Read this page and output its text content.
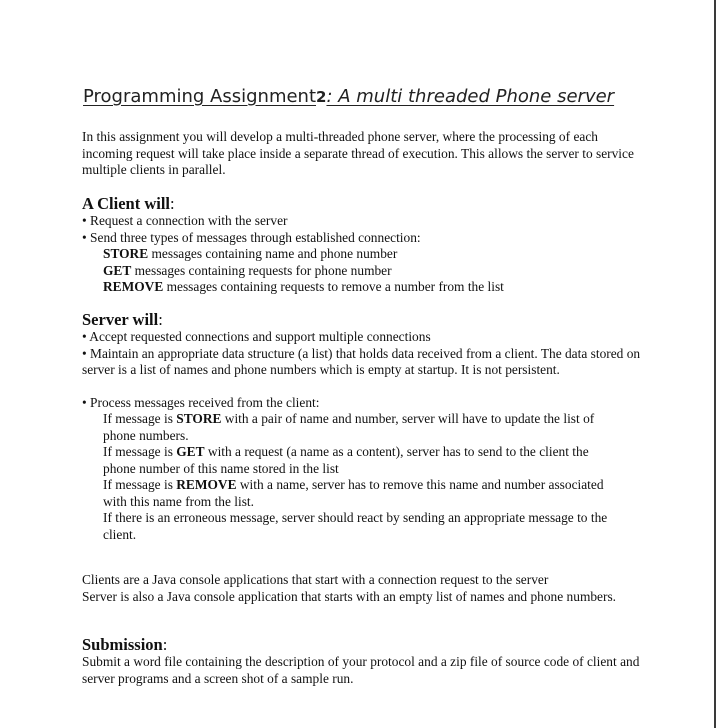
Programming Assignment2: A multi threaded Phone server
In this assignment you will develop a multi-threaded phone server, where the processing of each incoming request will take place inside a separate thread of execution. This allows the server to service multiple clients in parallel.
A Client will:
• Request a connection with the server
• Send three types of messages through established connection:
STORE messages containing name and phone number
GET messages containing requests for phone number
REMOVE messages containing requests to remove a number from the list
Server will:
• Accept requested connections and support multiple connections
• Maintain an appropriate data structure (a list) that holds data received from a client. The data stored on server is a list of names and phone numbers which is empty at startup. It is not persistent.
• Process messages received from the client:
If message is STORE with a pair of name and number, server will have to update the list of phone numbers.
If message is GET with a request (a name as a content), server has to send to the client the phone number of this name stored in the list
If message is REMOVE with a name, server has to remove this name and number associated with this name from the list.
If there is an erroneous message, server should react by sending an appropriate message to the client.
Clients are a Java console applications that start with a connection request to the server
Server is also a Java console application that starts with an empty list of names and phone numbers.
Submission:
Submit a word file containing the description of your protocol and a zip file of source code of client and server programs and a screen shot of a sample run.
